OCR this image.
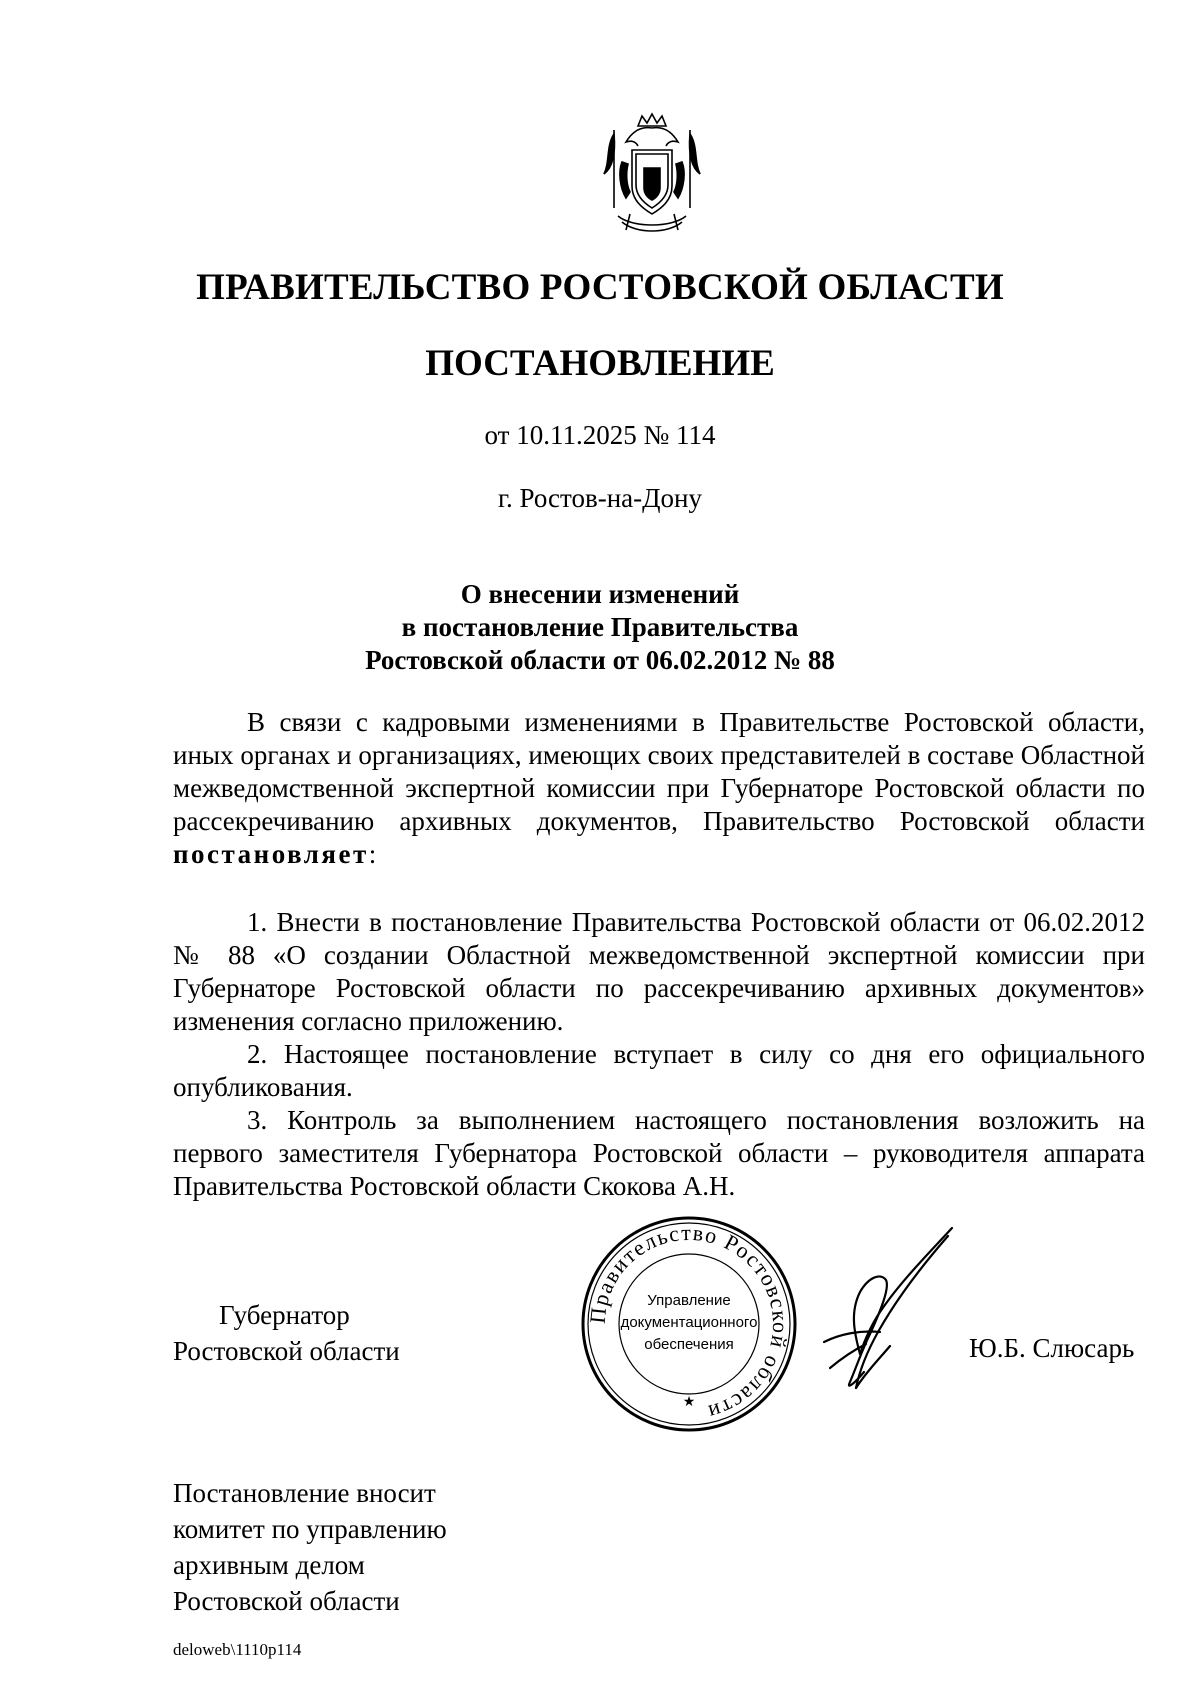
ПРАВИТЕЛЬСТВО РОСТОВСКОЙ ОБЛАСТИ
ПОСТАНОВЛЕНИЕ
от 10.11.2025 № 114
г. Ростов-на-Дону
О внесении изменений
в постановление Правительства
Ростовской области от 06.02.2012 № 88

В связи с кадровыми изменениями в Правительстве Ростовской области, иных органах и организациях, имеющих своих представителей в составе Областной межведомственной экспертной комиссии при Губернаторе Ростовской области по рассекречиванию архивных документов, Правительство Ростовской области постановляет:

1. Внести в постановление Правительства Ростовской области от 06.02.2012 № 88 «О создании Областной межведомственной экспертной комиссии при Губернаторе Ростовской области по рассекречиванию архивных документов» изменения согласно приложению.

2. Настоящее постановление вступает в силу со дня его официального опубликования.

3. Контроль за выполнением настоящего постановления возложить на первого заместителя Губернатора Ростовской области – руководителя аппарата Правительства Ростовской области Скокова А.Н.

Губернатор
Ростовской области
Правительство Ростовской области
★
Управление
документационного
обеспечения	Ю.Б. Слюсарь
Постановление вносит
комитет по управлению
архивным делом
Ростовской области
deloweb\1110p114
